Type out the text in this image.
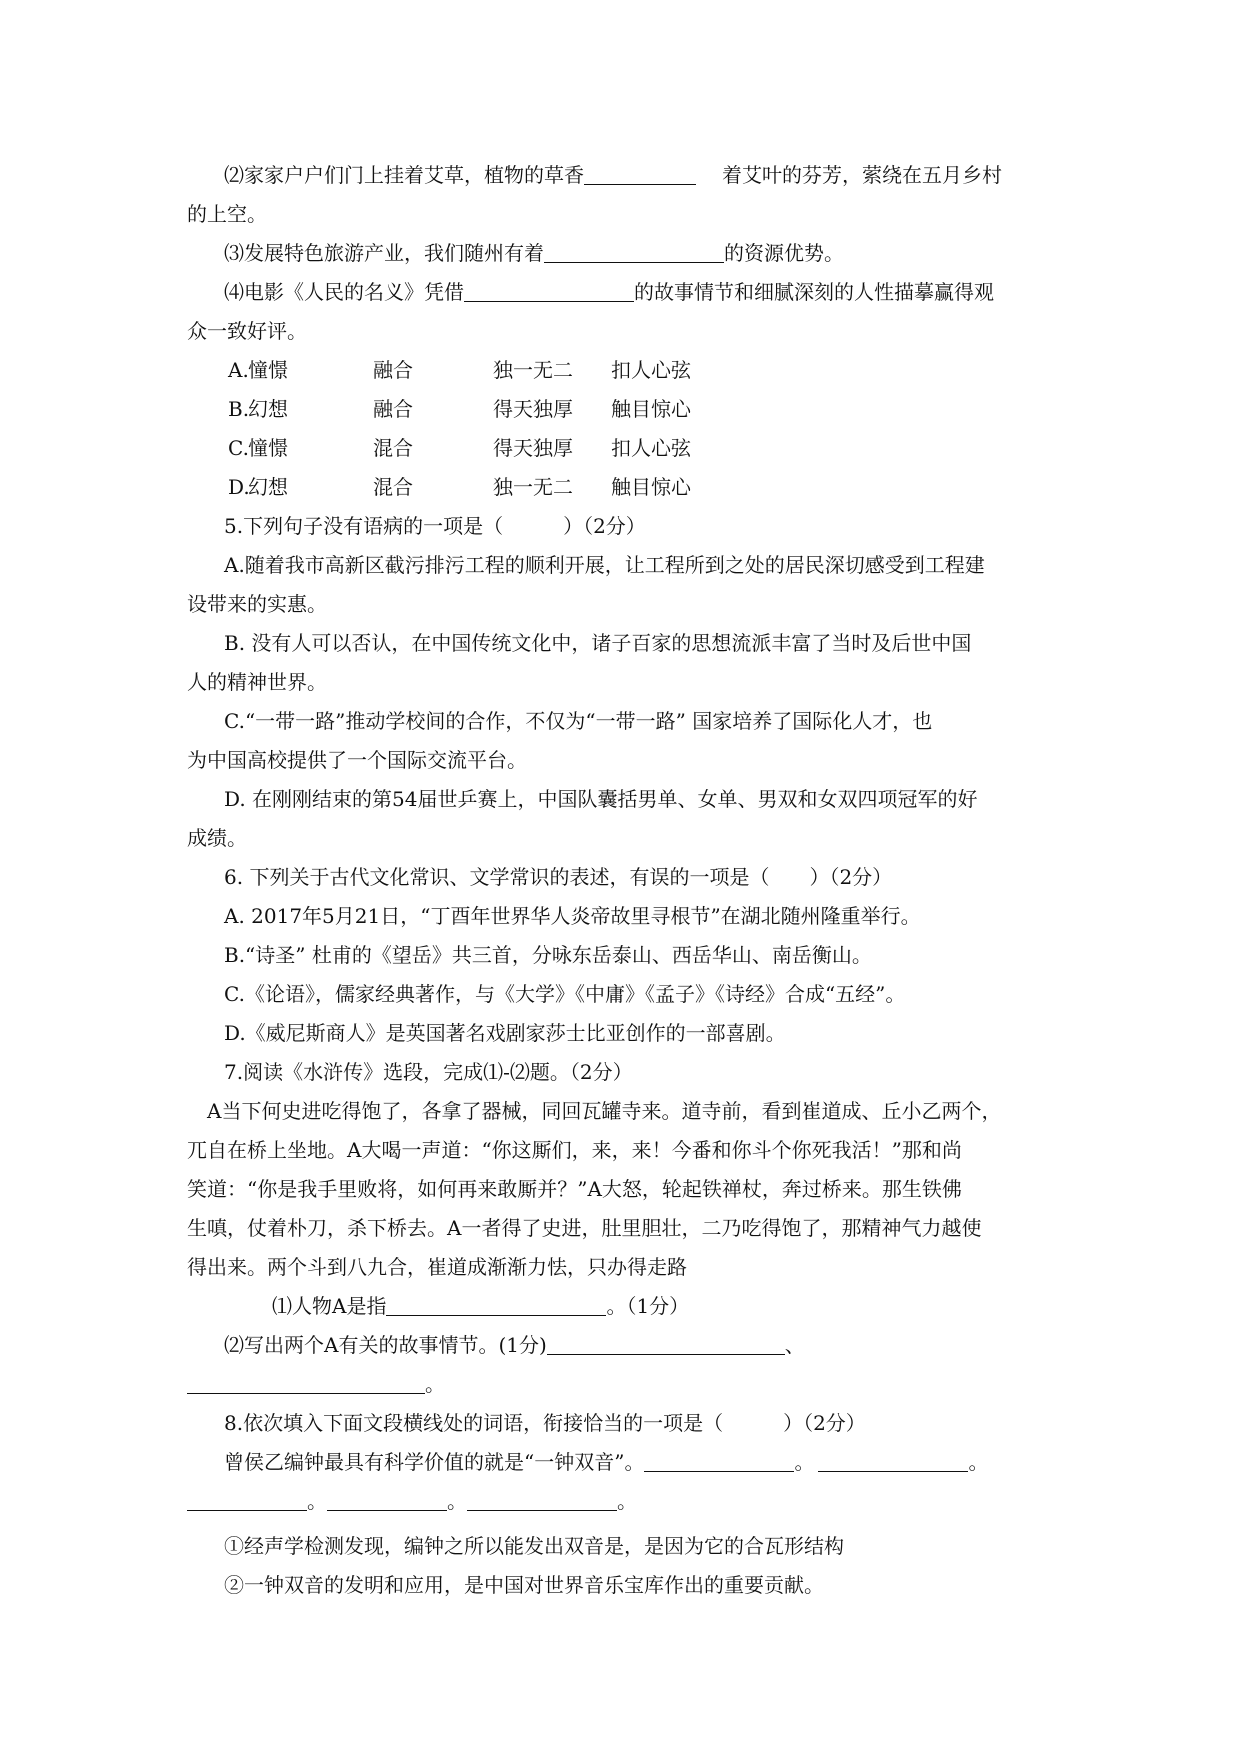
⑵家家户户们门上挂着艾草，植物的草香	着艾叶的芬芳，萦绕在五月乡村
的上空。
⑶发展特色旅游产业，我们随州有着	的资源优势。
⑷电影《人民的名义》凭借	的故事情节和细腻深刻的人性描摹赢得观
众一致好评。
A.憧憬	融合	独一无二 扣人心弦
B.幻想	融合	得天独厚 触目惊心
C.憧憬	混合	得天独厚 扣人心弦
D.幻想	混合	独一无二 触目惊心
5.下列句子没有语病的一项是（　　　）（2分）
A.随着我市高新区截污排污工程的顺利开展，让工程所到之处的居民深切感受到工程建
设带来的实惠。
B. 没有人可以否认，在中国传统文化中，诸子百家的思想流派丰富了当时及后世中国
人的精神世界。
C.“一带一路”推动学校间的合作，不仅为“一带一路” 国家培养了国际化人才，也
为中国高校提供了一个国际交流平台。
D. 在刚刚结束的第54届世乒赛上，中国队囊括男单、女单、男双和女双四项冠军的好
成绩。
6. 下列关于古代文化常识、文学常识的表述，有误的一项是（　　）（2分）
A. 2017年5月21日，“丁酉年世界华人炎帝故里寻根节”在湖北随州隆重举行。
B.“诗圣” 杜甫的《望岳》共三首，分咏东岳泰山、西岳华山、南岳衡山。
C.《论语》，儒家经典著作，与《大学》《中庸》《孟子》《诗经》合成“五经”。
D.《威尼斯商人》是英国著名戏剧家莎士比亚创作的一部喜剧。
7.阅读《水浒传》选段，完成⑴-⑵题。（2分）
A当下何史进吃得饱了，各拿了器械，同回瓦罐寺来。道寺前，看到崔道成、丘小乙两个，
兀自在桥上坐地。A大喝一声道：“你这厮们，来，来！今番和你斗个你死我活！”那和尚
笑道：“你是我手里败将，如何再来敢厮并？”A大怒，轮起铁禅杖，奔过桥来。那生铁佛
生嗔，仗着朴刀，杀下桥去。A一者得了史进，肚里胆壮，二乃吃得饱了，那精神气力越使
得出来。两个斗到八九合，崔道成渐渐力怯，只办得走路
⑴人物A是指	。（1分）
⑵写出两个A有关的故事情节。(1分)	、
。
8.依次填入下面文段横线处的词语，衔接恰当的一项是（　　　）（2分）
曾侯乙编钟最具有科学价值的就是“一钟双音”。	。	。
。	。	。
①经声学检测发现，编钟之所以能发出双音是，是因为它的合瓦形结构
②一钟双音的发明和应用，是中国对世界音乐宝库作出的重要贡献。
